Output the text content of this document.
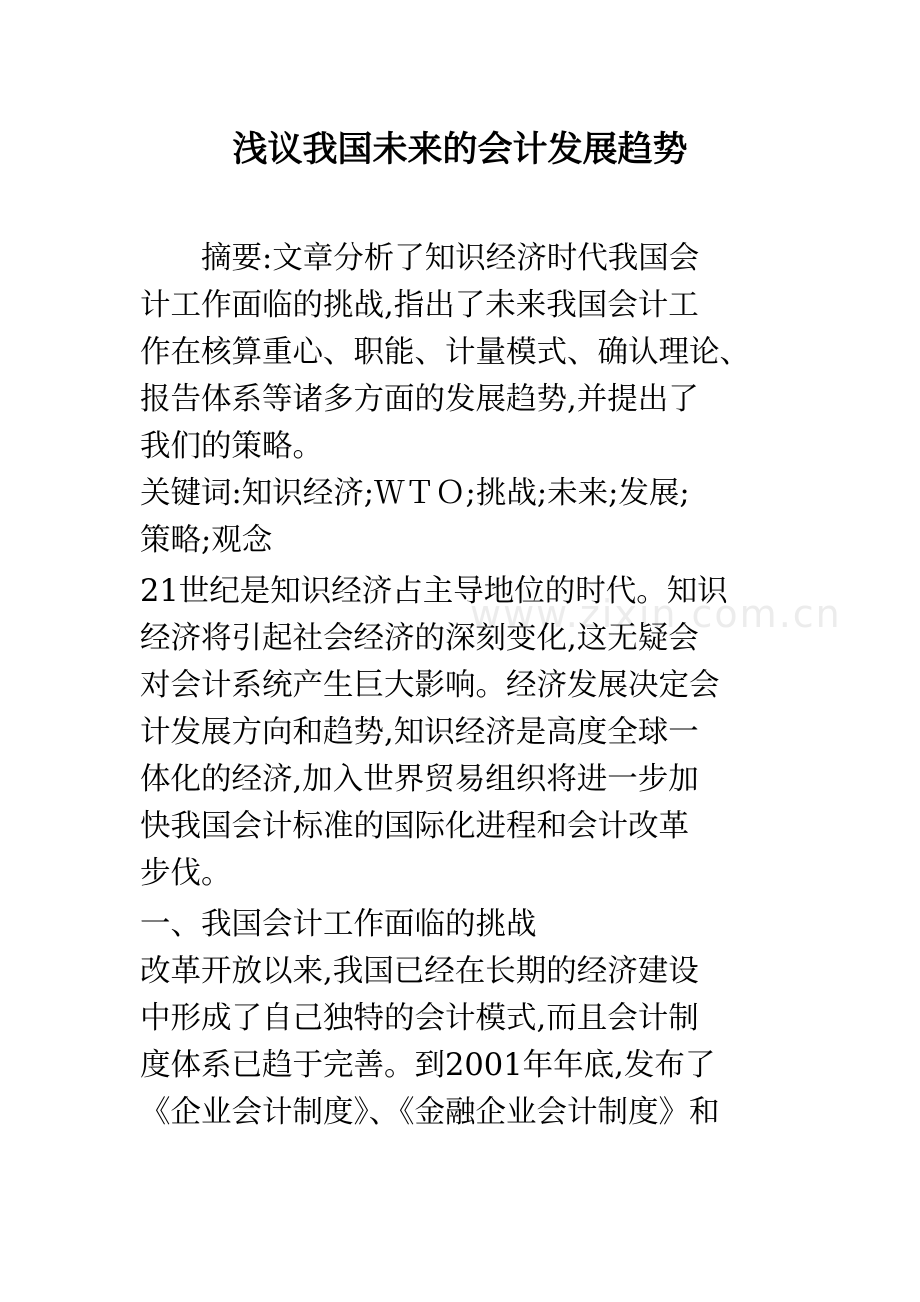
浅议我国未来的会计发展趋势
www.zixin.com.cn
　　摘要:文章分析了知识经济时代我国会
计工作面临的挑战,指出了未来我国会计工
作在核算重心、职能、计量模式、确认理论、
报告体系等诸多方面的发展趋势,并提出了
我们的策略。
关键词:知识经济;ＷＴＯ;挑战;未来;发展;
策略;观念
21世纪是知识经济占主导地位的时代。知识
经济将引起社会经济的深刻变化,这无疑会
对会计系统产生巨大影响。经济发展决定会
计发展方向和趋势,知识经济是高度全球一
体化的经济,加入世界贸易组织将进一步加
快我国会计标准的国际化进程和会计改革
步伐。
一、我国会计工作面临的挑战
改革开放以来,我国已经在长期的经济建设
中形成了自己独特的会计模式,而且会计制
度体系已趋于完善。到2001年年底,发布了
《企业会计制度》、《金融企业会计制度》和
